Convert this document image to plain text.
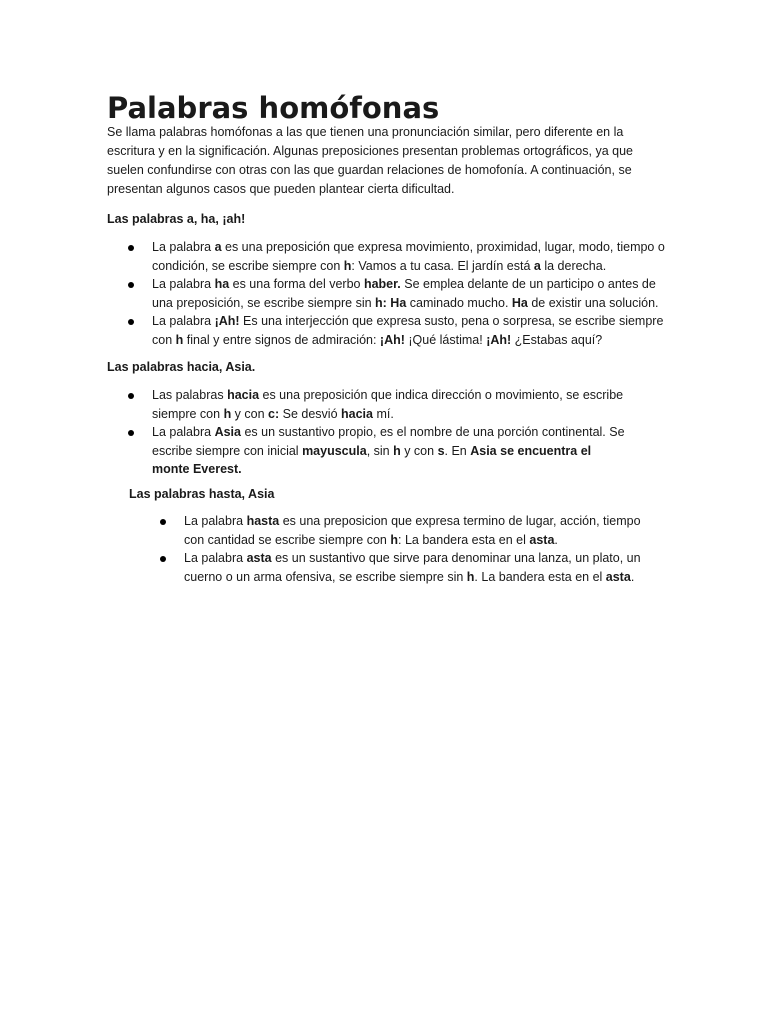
Palabras homófonas

Se llama palabras homófonas a las que tienen una pronunciación similar, pero diferente en la escritura y en la significación. Algunas preposiciones presentan problemas ortográficos, ya que suelen confundirse con otras con las que guardan relaciones de homofonía. A continuación, se presentan algunos casos que pueden plantear cierta dificultad.

Las palabras a, ha, ¡ah!

La palabra a es una preposición que expresa movimiento, proximidad, lugar, modo, tiempo o condición, se escribe siempre con h: Vamos a tu casa. El jardín está a la derecha.
La palabra ha es una forma del verbo haber. Se emplea delante de un participo o antes de una preposición, se escribe siempre sin h: Ha caminado mucho. Ha de existir una solución.
La palabra ¡Ah! Es una interjección que expresa susto, pena o sorpresa, se escribe siempre con h final y entre signos de admiración: ¡Ah! ¡Qué lástima! ¡Ah! ¿Estabas aquí?

Las palabras hacia, Asia.

Las palabras hacia es una preposición que indica dirección o movimiento, se escribe siempre con h y con c: Se desvió hacia mí.
La palabra Asia es un sustantivo propio, es el nombre de una porción continental. Se escribe siempre con inicial mayuscula, sin h y con s. En Asia se encuentra el monte Everest.

Las palabras hasta, Asia

La palabra hasta es una preposicion que expresa termino de lugar, acción, tiempo con cantidad se escribe siempre con h: La bandera esta en el asta.
La palabra asta es un sustantivo que sirve para denominar una lanza, un plato, un cuerno o un arma ofensiva, se escribe siempre sin h. La bandera esta en el asta.
